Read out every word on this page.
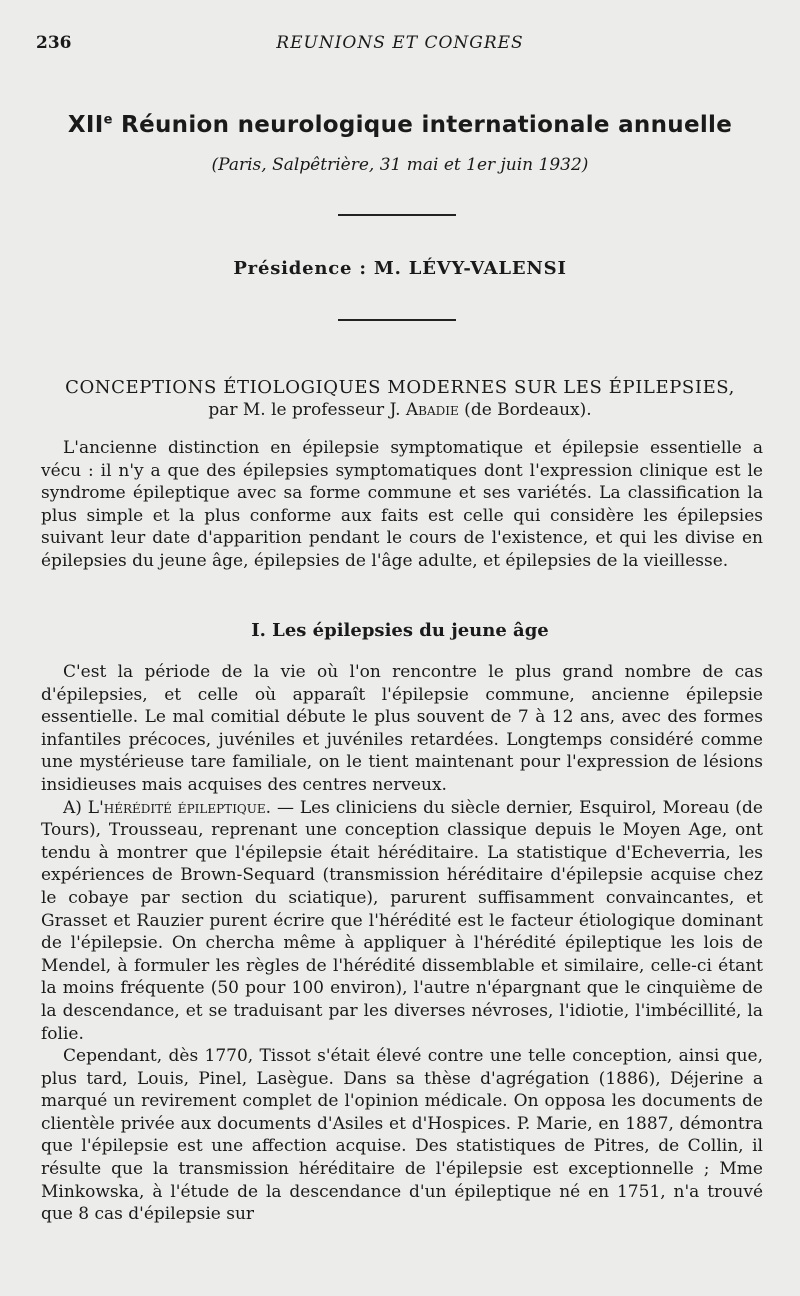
236	REUNIONS ET CONGRES
XIIe Réunion neurologique internationale annuelle
(Paris, Salpêtrière, 31 mai et 1er juin 1932)
Présidence : M. LÉVY-VALENSI
CONCEPTIONS ÉTIOLOGIQUES MODERNES SUR LES ÉPILEPSIES,
par M. le professeur J. Abadie (de Bordeaux).

L'ancienne distinction en épilepsie symptomatique et épilepsie essentielle a vécu : il n'y a que des épilepsies symptomatiques dont l'expression clinique est le syndrome épileptique avec sa forme commune et ses variétés. La classification la plus simple et la plus conforme aux faits est celle qui considère les épilepsies suivant leur date d'apparition pendant le cours de l'existence, et qui les divise en épilepsies du jeune âge, épilepsies de l'âge adulte, et épilepsies de la vieillesse.

I. Les épilepsies du jeune âge

C'est la période de la vie où l'on rencontre le plus grand nombre de cas d'épilepsies, et celle où apparaît l'épilepsie commune, ancienne épilepsie essentielle. Le mal comitial débute le plus souvent de 7 à 12 ans, avec des formes infantiles précoces, juvéniles et juvéniles retardées. Longtemps considéré comme une mystérieuse tare familiale, on le tient maintenant pour l'expression de lésions insidieuses mais acquises des centres nerveux.

A) L'hérédité épileptique. — Les cliniciens du siècle dernier, Esquirol, Moreau (de Tours), Trousseau, reprenant une conception classique depuis le Moyen Age, ont tendu à montrer que l'épilepsie était héréditaire. La statistique d'Echeverria, les expériences de Brown-Sequard (transmission héréditaire d'épilepsie acquise chez le cobaye par section du sciatique), parurent suffisamment convaincantes, et Grasset et Rauzier purent écrire que l'hérédité est le facteur étiologique dominant de l'épilepsie. On chercha même à appliquer à l'hérédité épileptique les lois de Mendel, à formuler les règles de l'hérédité dissemblable et similaire, celle-ci étant la moins fréquente (50 pour 100 environ), l'autre n'épargnant que le cinquième de la descendance, et se traduisant par les diverses névroses, l'idiotie, l'imbécillité, la folie.

Cependant, dès 1770, Tissot s'était élevé contre une telle conception, ainsi que, plus tard, Louis, Pinel, Lasègue. Dans sa thèse d'agrégation (1886), Déjerine a marqué un revirement complet de l'opinion médicale. On opposa les documents de clientèle privée aux documents d'Asiles et d'Hospices. P. Marie, en 1887, démontra que l'épilepsie est une affection acquise. Des statistiques de Pitres, de Collin, il résulte que la transmission héréditaire de l'épilepsie est exceptionnelle ; Mme Minkowska, à l'étude de la descendance d'un épileptique né en 1751, n'a trouvé que 8 cas d'épilepsie sur
